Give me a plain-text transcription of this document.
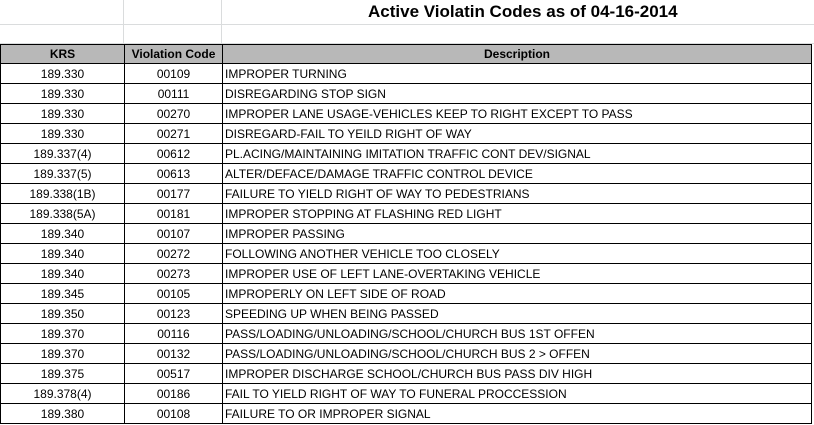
Active Violatin Codes as of 04-16-2014
KRS	Violation Code	Description
189.330	00109	IMPROPER TURNING
189.330	00111	DISREGARDING STOP SIGN
189.330	00270	IMPROPER LANE USAGE-VEHICLES KEEP TO RIGHT EXCEPT TO PASS
189.330	00271	DISREGARD-FAIL TO YEILD RIGHT OF WAY
189.337(4)	00612	PL.ACING/MAINTAINING IMITATION TRAFFIC CONT DEV/SIGNAL
189.337(5)	00613	ALTER/DEFACE/DAMAGE TRAFFIC CONTROL DEVICE
189.338(1B)	00177	FAILURE TO YIELD RIGHT OF WAY TO PEDESTRIANS
189.338(5A)	00181	IMPROPER STOPPING AT FLASHING RED LIGHT
189.340	00107	IMPROPER PASSING
189.340	00272	FOLLOWING ANOTHER VEHICLE TOO CLOSELY
189.340	00273	IMPROPER USE OF LEFT LANE-OVERTAKING VEHICLE
189.345	00105	IMPROPERLY ON LEFT SIDE OF ROAD
189.350	00123	SPEEDING UP WHEN BEING PASSED
189.370	00116	PASS/LOADING/UNLOADING/SCHOOL/CHURCH BUS 1ST OFFEN
189.370	00132	PASS/LOADING/UNLOADING/SCHOOL/CHURCH BUS 2 > OFFEN
189.375	00517	IMPROPER DISCHARGE SCHOOL/CHURCH BUS PASS DIV HIGH
189.378(4)	00186	FAIL TO YIELD RIGHT OF WAY TO FUNERAL PROCCESSION
189.380	00108	FAILURE TO OR IMPROPER SIGNAL
